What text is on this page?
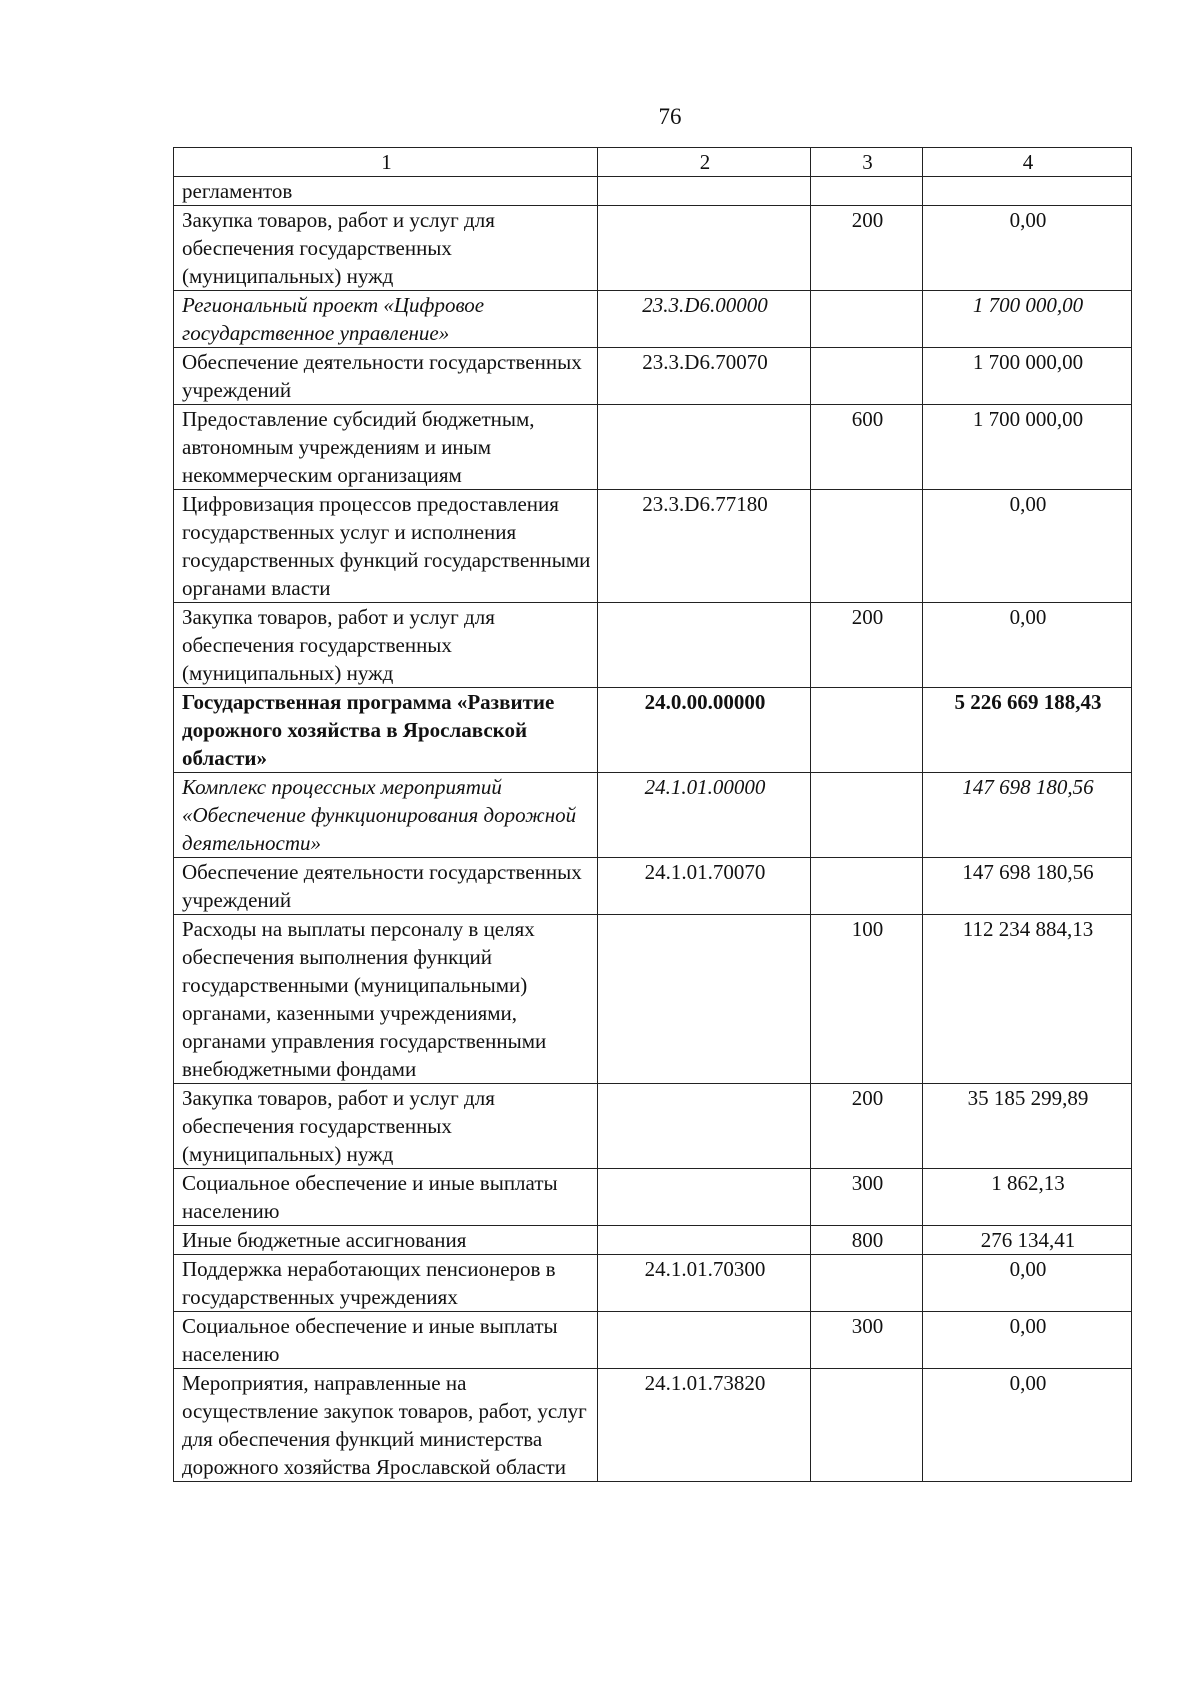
76
1	2	3	4
регламентов			
Закупка товаров, работ и услуг для обеспечения государственных (муниципальных) нужд		200	0,00
Региональный проект «Цифровое государственное управление»	23.3.D6.00000		1 700 000,00
Обеспечение деятельности государственных учреждений	23.3.D6.70070		1 700 000,00
Предоставление субсидий бюджетным, автономным учреждениям и иным некоммерческим организациям		600	1 700 000,00
Цифровизация процессов предоставления государственных услуг и исполнения государственных функций государственными органами власти	23.3.D6.77180		0,00
Закупка товаров, работ и услуг для обеспечения государственных (муниципальных) нужд		200	0,00
Государственная программа «Развитие дорожного хозяйства в Ярославской области»	24.0.00.00000		5 226 669 188,43
Комплекс процессных мероприятий «Обеспечение функционирования дорожной деятельности»	24.1.01.00000		147 698 180,56
Обеспечение деятельности государственных учреждений	24.1.01.70070		147 698 180,56
Расходы на выплаты персоналу в целях обеспечения выполнения функций государственными (муниципальными) органами, казенными учреждениями, органами управления государственными внебюджетными фондами		100	112 234 884,13
Закупка товаров, работ и услуг для обеспечения государственных (муниципальных) нужд		200	35 185 299,89
Социальное обеспечение и иные выплаты населению		300	1 862,13
Иные бюджетные ассигнования		800	276 134,41
Поддержка неработающих пенсионеров в государственных учреждениях	24.1.01.70300		0,00
Социальное обеспечение и иные выплаты населению		300	0,00
Мероприятия, направленные на осуществление закупок товаров, работ, услуг для обеспечения функций министерства дорожного хозяйства Ярославской области	24.1.01.73820		0,00
